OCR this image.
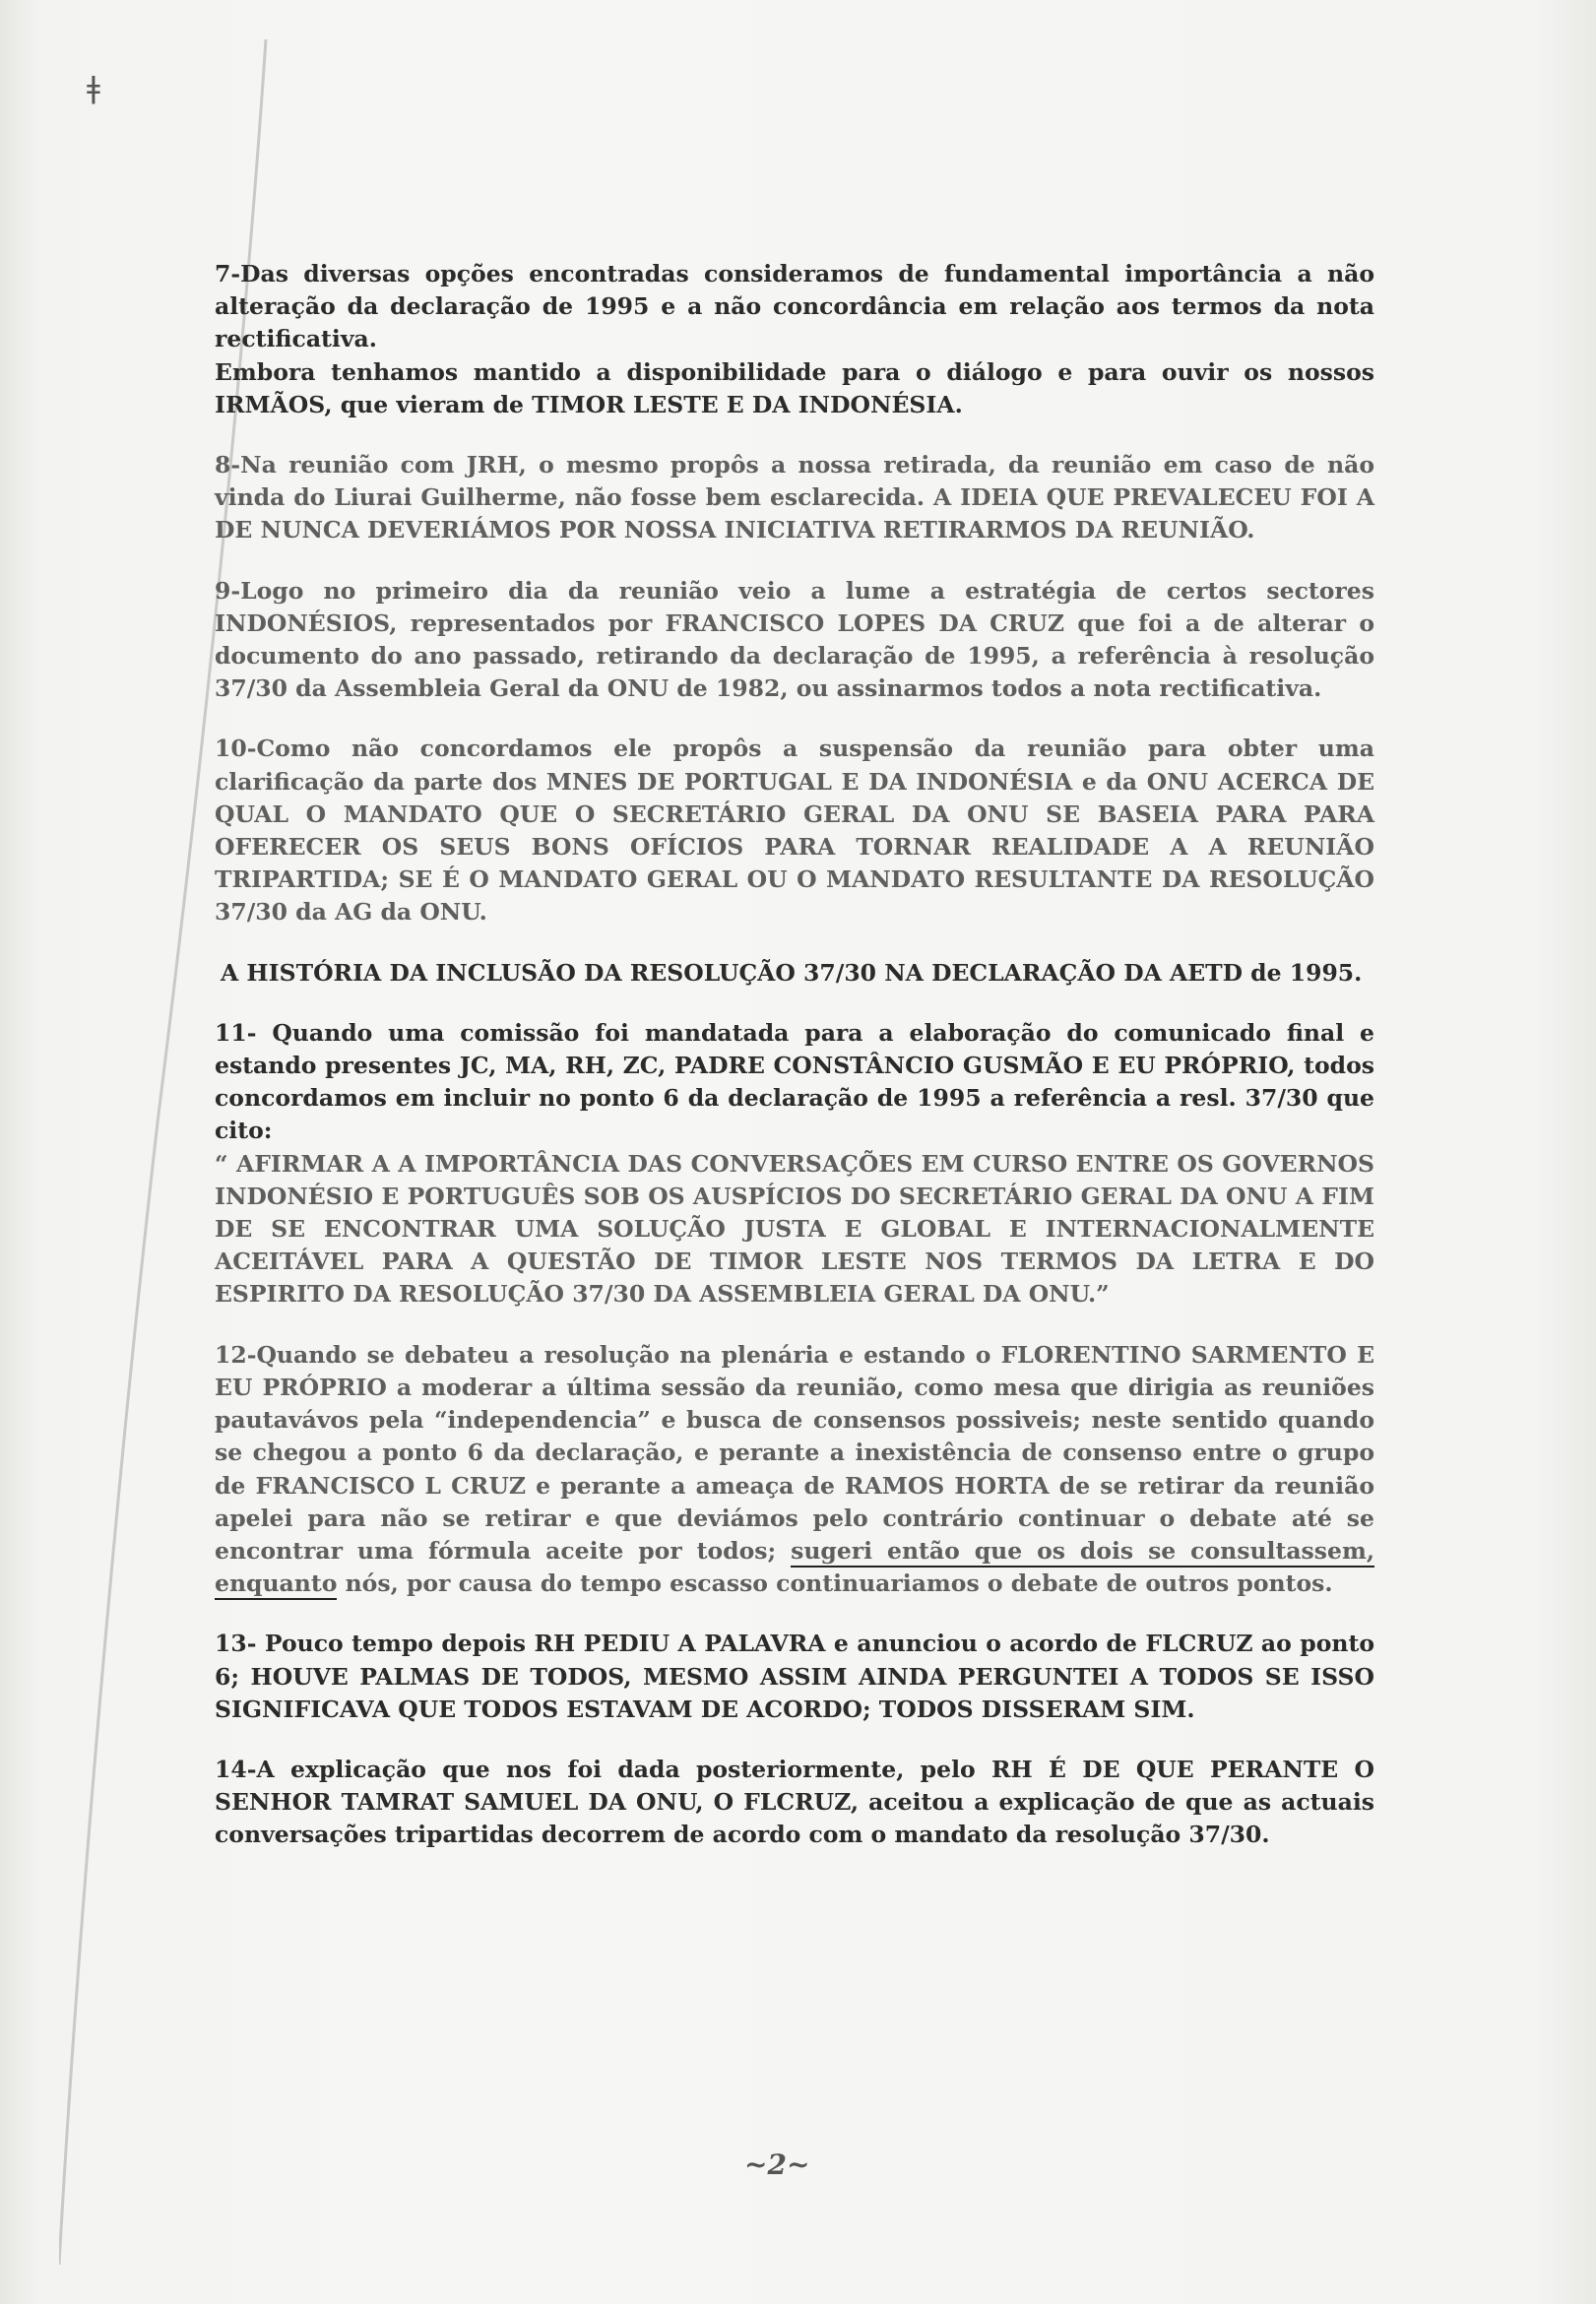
ǂ

7-Das diversas opções encontradas consideramos de fundamental importância a não alteração da declaração de 1995 e a não concordância em relação aos termos da nota rectificativa.

Embora tenhamos mantido a disponibilidade para o diálogo e para ouvir os nossos IRMÃOS, que vieram de TIMOR LESTE E DA INDONÉSIA.

8-Na reunião com JRH, o mesmo propôs a nossa retirada, da reunião em caso de não vinda do Liurai Guilherme, não fosse bem esclarecida. A IDEIA QUE PREVALECEU FOI A DE NUNCA DEVERIÁMOS POR NOSSA INICIATIVA RETIRARMOS DA REUNIÃO.

9-Logo no primeiro dia da reunião veio a lume a estratégia de certos sectores INDONÉSIOS, representados por FRANCISCO LOPES DA CRUZ que foi a de alterar o documento do ano passado, retirando da declaração de 1995, a referência à resolução 37/30 da Assembleia Geral da ONU de 1982, ou assinarmos todos a nota rectificativa.

10-Como não concordamos ele propôs a suspensão da reunião para obter uma clarificação da parte dos MNES DE PORTUGAL E DA INDONÉSIA e da ONU ACERCA DE QUAL O MANDATO QUE O SECRETÁRIO GERAL DA ONU SE BASEIA PARA PARA OFERECER OS SEUS BONS OFÍCIOS PARA TORNAR REALIDADE A A REUNIÃO TRIPARTIDA; SE É O MANDATO GERAL OU O MANDATO RESULTANTE DA RESOLUÇÃO 37/30 da AG da ONU.

A HISTÓRIA DA INCLUSÃO DA RESOLUÇÃO 37/30 NA DECLARAÇÃO DA AETD de 1995.

11- Quando uma comissão foi mandatada para a elaboração do comunicado final e estando presentes JC, MA, RH, ZC, PADRE CONSTÂNCIO GUSMÃO E EU PRÓPRIO, todos concordamos em incluir no ponto 6 da declaração de 1995 a referência a resl. 37/30 que cito:

“ AFIRMAR A A IMPORTÂNCIA DAS CONVERSAÇÕES EM CURSO ENTRE OS GOVERNOS INDONÉSIO E PORTUGUÊS SOB OS AUSPÍCIOS DO SECRETÁRIO GERAL DA ONU A FIM DE SE ENCONTRAR UMA SOLUÇÃO JUSTA E GLOBAL E INTERNACIONALMENTE ACEITÁVEL PARA A QUESTÃO DE TIMOR LESTE NOS TERMOS DA LETRA E DO ESPIRITO DA RESOLUÇÃO 37/30 DA ASSEMBLEIA GERAL DA ONU.”

12-Quando se debateu a resolução na plenária e estando o FLORENTINO SARMENTO E EU PRÓPRIO a moderar a última sessão da reunião, como mesa que dirigia as reuniões pautavávos pela “independencia” e busca de consensos possiveis; neste sentido quando se chegou a ponto 6 da declaração, e perante a inexistência de consenso entre o grupo de FRANCISCO L CRUZ e perante a ameaça de RAMOS HORTA de se retirar da reunião apelei para não se retirar e que deviámos pelo contrário continuar o debate até se encontrar uma fórmula aceite por todos; sugeri então que os dois se consultassem, enquanto nós, por causa do tempo escasso continuariamos o debate de outros pontos.

13- Pouco tempo depois RH PEDIU A PALAVRA e anunciou o acordo de FLCRUZ ao ponto 6; HOUVE PALMAS DE TODOS, MESMO ASSIM AINDA PERGUNTEI A TODOS SE ISSO SIGNIFICAVA QUE TODOS ESTAVAM DE ACORDO; TODOS DISSERAM SIM.

14-A explicação que nos foi dada posteriormente, pelo RH É DE QUE PERANTE O SENHOR TAMRAT SAMUEL DA ONU, O FLCRUZ, aceitou a explicação de que as actuais conversações tripartidas decorrem de acordo com o mandato da resolução 37/30.

~2~
